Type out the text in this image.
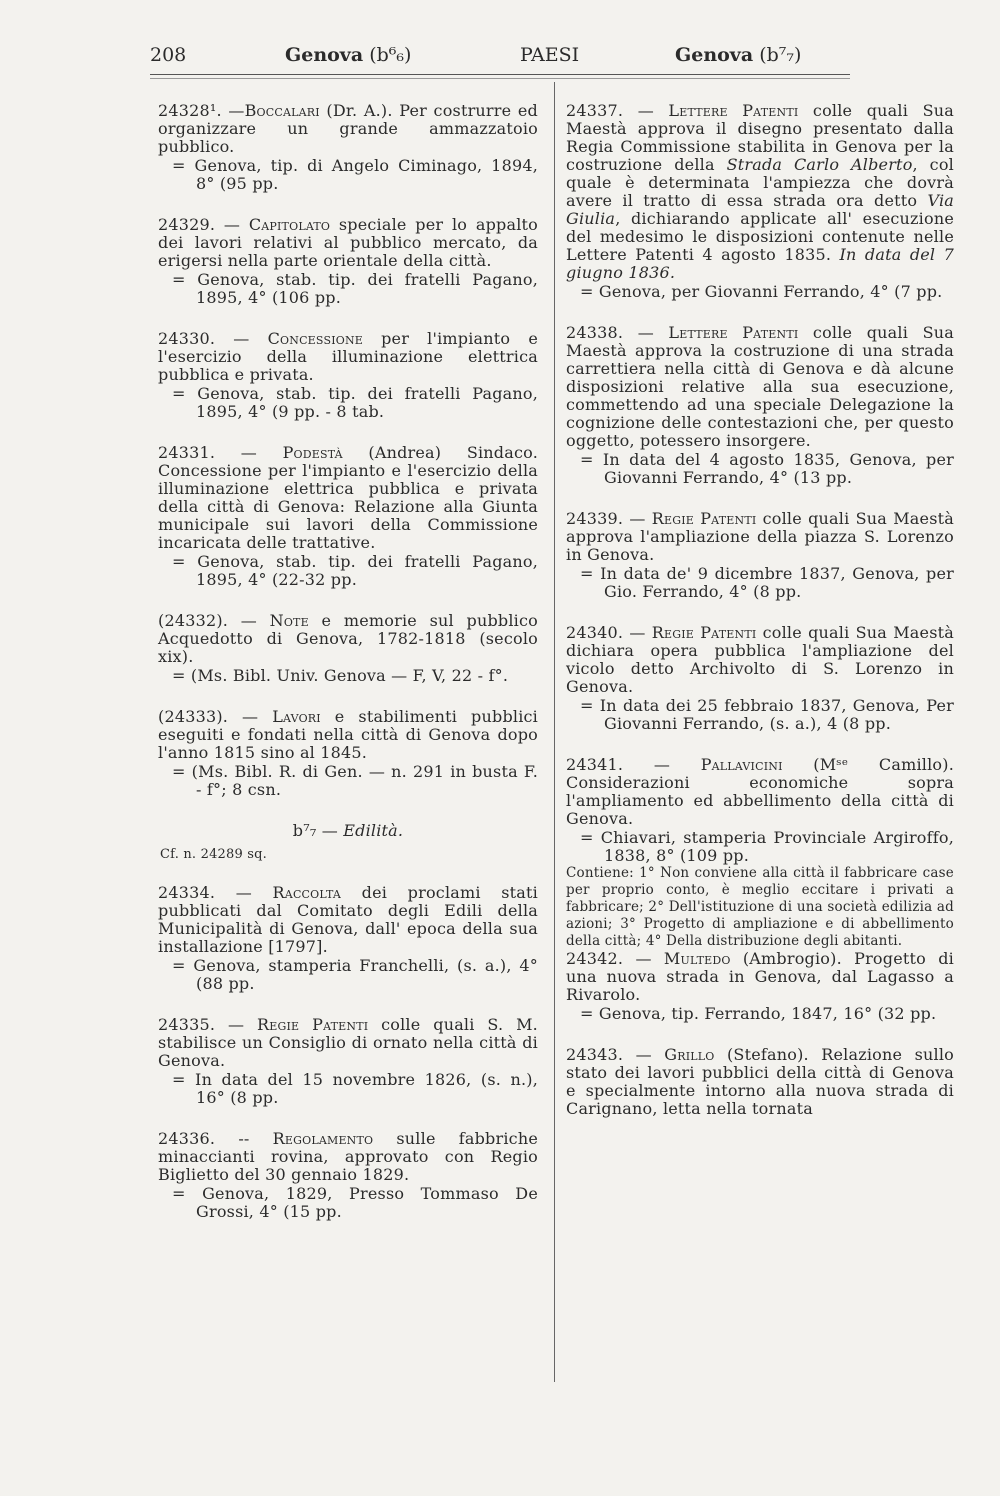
208	Genova (b⁶₆)	PAESI	Genova (b⁷₇)

24328¹. —Boccalari (Dr. A.). Per costrurre ed organizzare un grande ammazzatoio pubblico.

= Genova, tip. di Angelo Ciminago, 1894, 8° (95 pp.

24329. — Capitolato speciale per lo appalto dei lavori relativi al pubblico mercato, da erigersi nella parte orientale della città.

= Genova, stab. tip. dei fratelli Pagano, 1895, 4° (106 pp.

24330. — Concessione per l'impianto e l'esercizio della illuminazione elettrica pubblica e privata.

= Genova, stab. tip. dei fratelli Pagano, 1895, 4° (9 pp. - 8 tab.

24331. — Podestà (Andrea) Sindaco. Concessione per l'impianto e l'esercizio della illuminazione elettrica pubblica e privata della città di Genova: Relazione alla Giunta municipale sui lavori della Commissione incaricata delle trattative.

= Genova, stab. tip. dei fratelli Pagano, 1895, 4° (22-32 pp.

(24332). — Note e memorie sul pubblico Acquedotto di Genova, 1782-1818 (secolo xix).

= (Ms. Bibl. Univ. Genova — F, V, 22 - f°.

(24333). — Lavori e stabilimenti pubblici eseguiti e fondati nella città di Genova dopo l'anno 1815 sino al 1845.

= (Ms. Bibl. R. di Gen. — n. 291 in busta F. - f°; 8 csn.

b⁷₇ — Edilità.
Cf. n. 24289 sq.

24334. — Raccolta dei proclami stati pubblicati dal Comitato degli Edili della Municipalità di Genova, dall' epoca della sua installazione [1797].

= Genova, stamperia Franchelli, (s. a.), 4° (88 pp.

24335. — Regie Patenti colle quali S. M. stabilisce un Consiglio di ornato nella città di Genova.

= In data del 15 novembre 1826, (s. n.), 16° (8 pp.

24336. -- Regolamento sulle fabbriche minaccianti rovina, approvato con Regio Biglietto del 30 gennaio 1829.

= Genova, 1829, Presso Tommaso De Grossi, 4° (15 pp.

24337. — Lettere Patenti colle quali Sua Maestà approva il disegno presentato dalla Regia Commissione stabilita in Genova per la costruzione della Strada Carlo Alberto, col quale è determinata l'ampiezza che dovrà avere il tratto di essa strada ora detto Via Giulia, dichiarando applicate all' esecuzione del medesimo le disposizioni contenute nelle Lettere Patenti 4 agosto 1835. In data del 7 giugno 1836.

= Genova, per Giovanni Ferrando, 4° (7 pp.

24338. — Lettere Patenti colle quali Sua Maestà approva la costruzione di una strada carrettiera nella città di Genova e dà alcune disposizioni relative alla sua esecuzione, commettendo ad una speciale Delegazione la cognizione delle contestazioni che, per questo oggetto, potessero insorgere.

= In data del 4 agosto 1835, Genova, per Giovanni Ferrando, 4° (13 pp.

24339. — Regie Patenti colle quali Sua Maestà approva l'ampliazione della piazza S. Lorenzo in Genova.

= In data de' 9 dicembre 1837, Genova, per Gio. Ferrando, 4° (8 pp.

24340. — Regie Patenti colle quali Sua Maestà dichiara opera pubblica l'ampliazione del vicolo detto Archivolto di S. Lorenzo in Genova.

= In data dei 25 febbraio 1837, Genova, Per Giovanni Ferrando, (s. a.), 4 (8 pp.

24341. — Pallavicini (Mˢᵉ Camillo). Considerazioni economiche sopra l'ampliamento ed abbellimento della città di Genova.

= Chiavari, stamperia Provinciale Argiroffo, 1838, 8° (109 pp.

Contiene: 1° Non conviene alla città il fabbricare case per proprio conto, è meglio eccitare i privati a fabbricare; 2° Dell'istituzione di una società edilizia ad azioni; 3° Progetto di ampliazione e di abbellimento della città; 4° Della distribuzione degli abitanti.

24342. — Multedo (Ambrogio). Progetto di una nuova strada in Genova, dal Lagasso a Rivarolo.

= Genova, tip. Ferrando, 1847, 16° (32 pp.

24343. — Grillo (Stefano). Relazione sullo stato dei lavori pubblici della città di Genova e specialmente intorno alla nuova strada di Carignano, letta nella tornata
